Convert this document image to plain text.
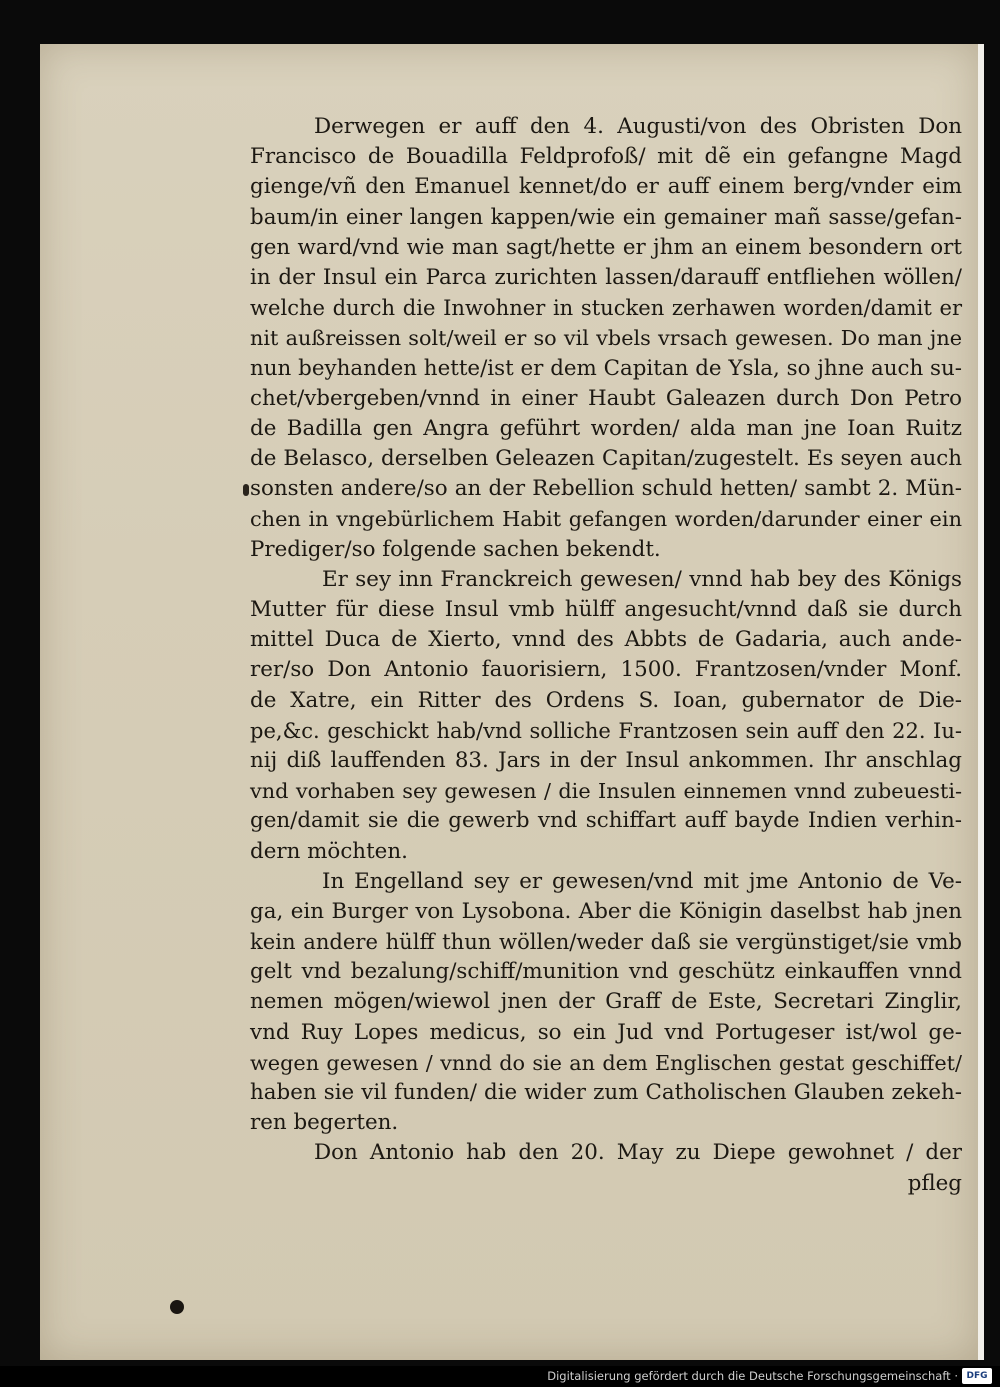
Derwegen er auff den 4. Augusti/von des Obristen Don
Francisco de Bouadilla Feldprofoß/ mit dẽ ein gefangne Magd
gienge/vñ den Emanuel kennet/do er auff einem berg/vnder eim
baum/in einer langen kappen/wie ein gemainer mañ sasse/gefan-
gen ward/vnd wie man sagt/hette er jhm an einem besondern ort
in der Insul ein Parca zurichten lassen/darauff entfliehen wöllen/
welche durch die Inwohner in stucken zerhawen worden/damit er
nit außreissen solt/weil er so vil vbels vrsach gewesen. Do man jne
nun beyhanden hette/ist er dem Capitan de Ysla, so jhne auch su-
chet/vbergeben/vnnd in einer Haubt Galeazen durch Don Petro
de Badilla gen Angra geführt worden/ alda man jne Ioan Ruitz
de Belasco, derselben Geleazen Capitan/zugestelt. Es seyen auch
sonsten andere/so an der Rebellion schuld hetten/ sambt 2. Mün-
chen in vngebürlichem Habit gefangen worden/darunder einer ein
Prediger/so folgende sachen bekendt.
Er sey inn Franckreich gewesen/ vnnd hab bey des Königs
Mutter für diese Insul vmb hülff angesucht/vnnd daß sie durch
mittel Duca de Xierto, vnnd des Abbts de Gadaria, auch ande-
rer/so Don Antonio fauorisiern, 1500. Frantzosen/vnder Monf.
de Xatre, ein Ritter des Ordens S. Ioan, gubernator de Die-
pe,&c. geschickt hab/vnd solliche Frantzosen sein auff den 22. Iu-
nij diß lauffenden 83. Jars in der Insul ankommen. Ihr anschlag
vnd vorhaben sey gewesen / die Insulen einnemen vnnd zubeuesti-
gen/damit sie die gewerb vnd schiffart auff bayde Indien verhin-
dern möchten.
In Engelland sey er gewesen/vnd mit jme Antonio de Ve-
ga, ein Burger von Lysobona. Aber die Königin daselbst hab jnen
kein andere hülff thun wöllen/weder daß sie vergünstiget/sie vmb
gelt vnd bezalung/schiff/munition vnd geschütz einkauffen vnnd
nemen mögen/wiewol jnen der Graff de Este, Secretari Zinglir,
vnd Ruy Lopes medicus, so ein Jud vnd Portugeser ist/wol ge-
wegen gewesen / vnnd do sie an dem Englischen gestat geschiffet/
haben sie vil funden/ die wider zum Catholischen Glauben zekeh-
ren begerten.
Don Antonio hab den 20. May zu Diepe gewohnet / der
pfleg
Digitalisierung gefördert durch die Deutsche Forschungsgemeinschaft · DFG
